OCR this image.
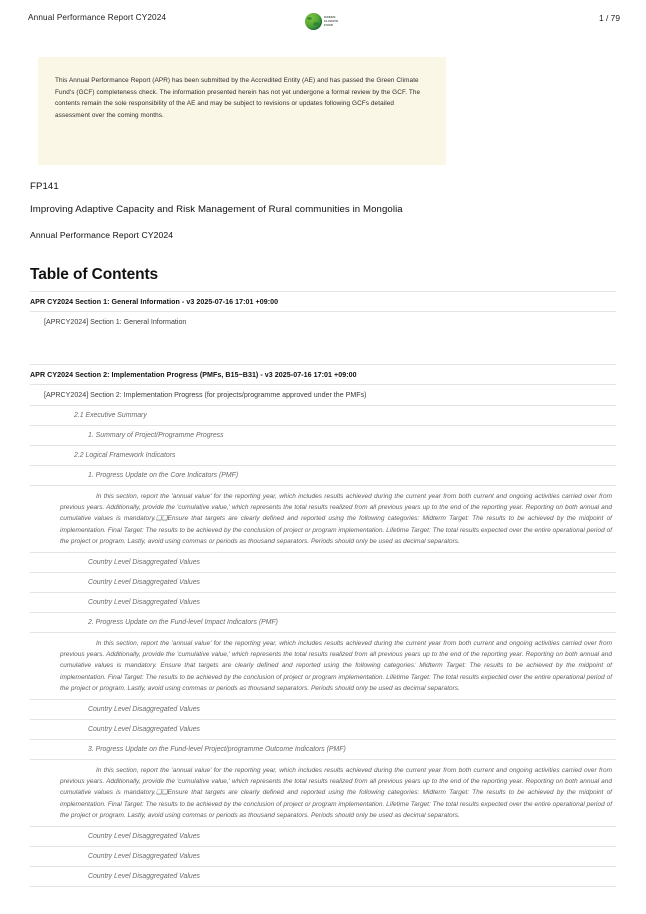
Annual Performance Report CY2024	GREEN
CLIMATE
FUND
1 / 79

This Annual Performance Report (APR) has been submitted by the Accredited Entity (AE) and has passed the Green Climate Fund's (GCF) completeness check. The information presented herein has not yet undergone a formal review by the GCF. The contents remain the sole responsibility of the AE and may be subject to revisions or updates following GCFs detailed assessment over the coming months.

FP141
Improving Adaptive Capacity and Risk Management of Rural communities in Mongolia
Annual Performance Report CY2024
Table of Contents
APR CY2024 Section 1: General Information - v3 2025-07-16 17:01 +09:00
[APRCY2024] Section 1: General Information
APR CY2024 Section 2: Implementation Progress (PMFs, B15~B31) - v3 2025-07-16 17:01 +09:00
[APRCY2024] Section 2: Implementation Progress (for projects/programme approved under the PMFs)
2.1 Executive Summary
1. Summary of Project/Programme Progress
2.2 Logical Framework Indicators
1. Progress Update on the Core Indicators (PMF)
In this section, report the 'annual value' for the reporting year, which includes results achieved during the current year from both current and ongoing activities carried over from previous years. Additionally, provide the 'cumulative value,' which represents the total results realized from all previous years up to the end of the reporting year. Reporting on both annual and cumulative values is mandatory.❑❑Ensure that targets are clearly defined and reported using the following categories: Midterm Target: The results to be achieved by the midpoint of implementation. Final Target: The results to be achieved by the conclusion of project or program implementation. Lifetime Target: The total results expected over the entire operational period of the project or program. Lastly, avoid using commas or periods as thousand separators. Periods should only be used as decimal separators.
Country Level Disaggregated Values
Country Level Disaggregated Values
Country Level Disaggregated Values
2. Progress Update on the Fund-level Impact Indicators (PMF)
In this section, report the 'annual value' for the reporting year, which includes results achieved during the current year from both current and ongoing activities carried over from previous years. Additionally, provide the 'cumulative value,' which represents the total results realized from all previous years up to the end of the reporting year. Reporting on both annual and cumulative values is mandatory. Ensure that targets are clearly defined and reported using the following categories: Midterm Target: The results to be achieved by the midpoint of implementation. Final Target: The results to be achieved by the conclusion of project or program implementation. Lifetime Target: The total results expected over the entire operational period of the project or program. Lastly, avoid using commas or periods as thousand separators. Periods should only be used as decimal separators.
Country Level Disaggregated Values
Country Level Disaggregated Values
3. Progress Update on the Fund-level Project/programme Outcome Indicators (PMF)
In this section, report the 'annual value' for the reporting year, which includes results achieved during the current year from both current and ongoing activities carried over from previous years. Additionally, provide the 'cumulative value,' which represents the total results realized from all previous years up to the end of the reporting year. Reporting on both annual and cumulative values is mandatory.❑❑Ensure that targets are clearly defined and reported using the following categories: Midterm Target: The results to be achieved by the midpoint of implementation. Final Target: The results to be achieved by the conclusion of project or program implementation. Lifetime Target: The total results expected over the entire operational period of the project or program. Lastly, avoid using commas or periods as thousand separators. Periods should only be used as decimal separators.
Country Level Disaggregated Values
Country Level Disaggregated Values
Country Level Disaggregated Values
